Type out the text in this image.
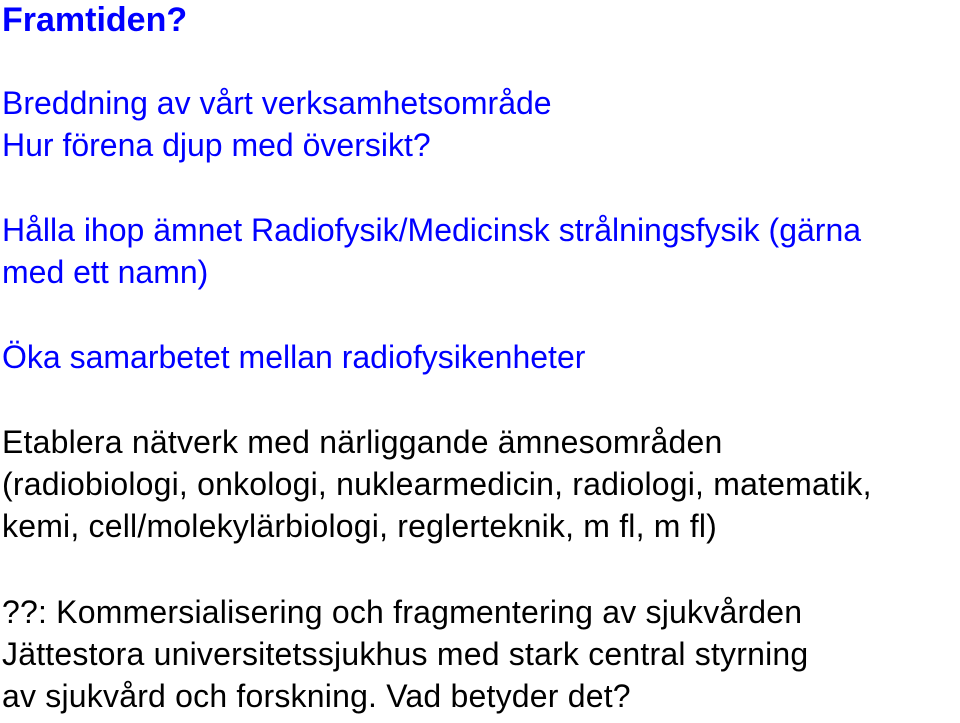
Framtiden?
Breddning av vårt verksamhetsområde
Hur förena djup med översikt?
Hålla ihop ämnet Radiofysik/Medicinsk strålningsfysik (gärna
med ett namn)
Öka samarbetet mellan radiofysikenheter
Etablera nätverk med närliggande ämnesområden
(radiobiologi, onkologi, nuklearmedicin, radiologi, matematik,
kemi, cell/molekylärbiologi, reglerteknik, m fl, m fl)
??: Kommersialisering och fragmentering av sjukvården
Jättestora universitetssjukhus med stark central styrning
av sjukvård och forskning. Vad betyder det?
